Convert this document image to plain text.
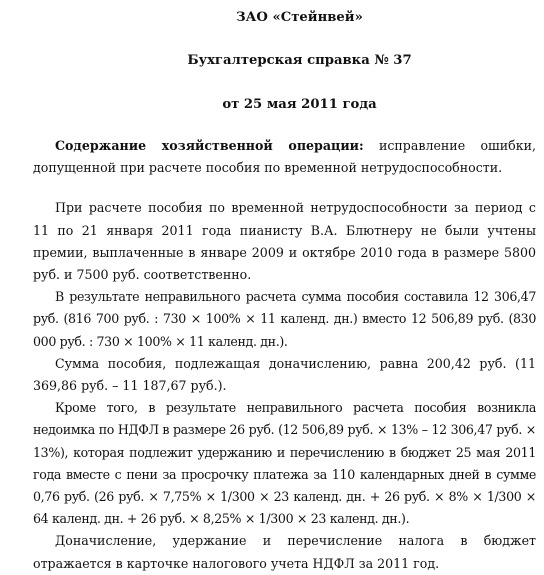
ЗАО «Стейнвей»
Бухгалтерская справка № 37
от 25 мая 2011 года

Содержание хозяйственной операции: исправление ошибки, допущенной при расчете пособия по временной нетрудоспособности.

При расчете пособия по временной нетрудоспособности за период с 11 по 21 января 2011 года пианисту В.А. Блютнеру не были учтены премии, выплаченные в январе 2009 и октябре 2010 года в размере 5800 руб. и 7500 руб. соответственно.

В результате неправильного расчета сумма пособия составила 12 306,47 руб. (816 700 руб. : 730 × 100% × 11 календ. дн.) вместо 12 506,89 руб. (830 000 руб. : 730 × 100% × 11 календ. дн.).

Сумма пособия, подлежащая доначислению, равна 200,42 руб. (11 369,86 руб. – 11 187,67 руб.).

Кроме того, в результате неправильного расчета пособия возникла недоимка по НДФЛ в размере 26 руб. (12 506,89 руб. × 13% – 12 306,47 руб. × 13%), которая подлежит удержанию и перечислению в бюджет 25 мая 2011 года вместе с пени за просрочку платежа за 110 календарных дней в сумме 0,76 руб. (26 руб. × 7,75% × 1/300 × 23 календ. дн. + 26 руб. × 8% × 1/300 × 64 календ. дн. + 26 руб. × 8,25% × 1/300 × 23 календ. дн.).

Доначисление, удержание и перечисление налога в бюджет отражается в карточке налогового учета НДФЛ за 2011 год.
